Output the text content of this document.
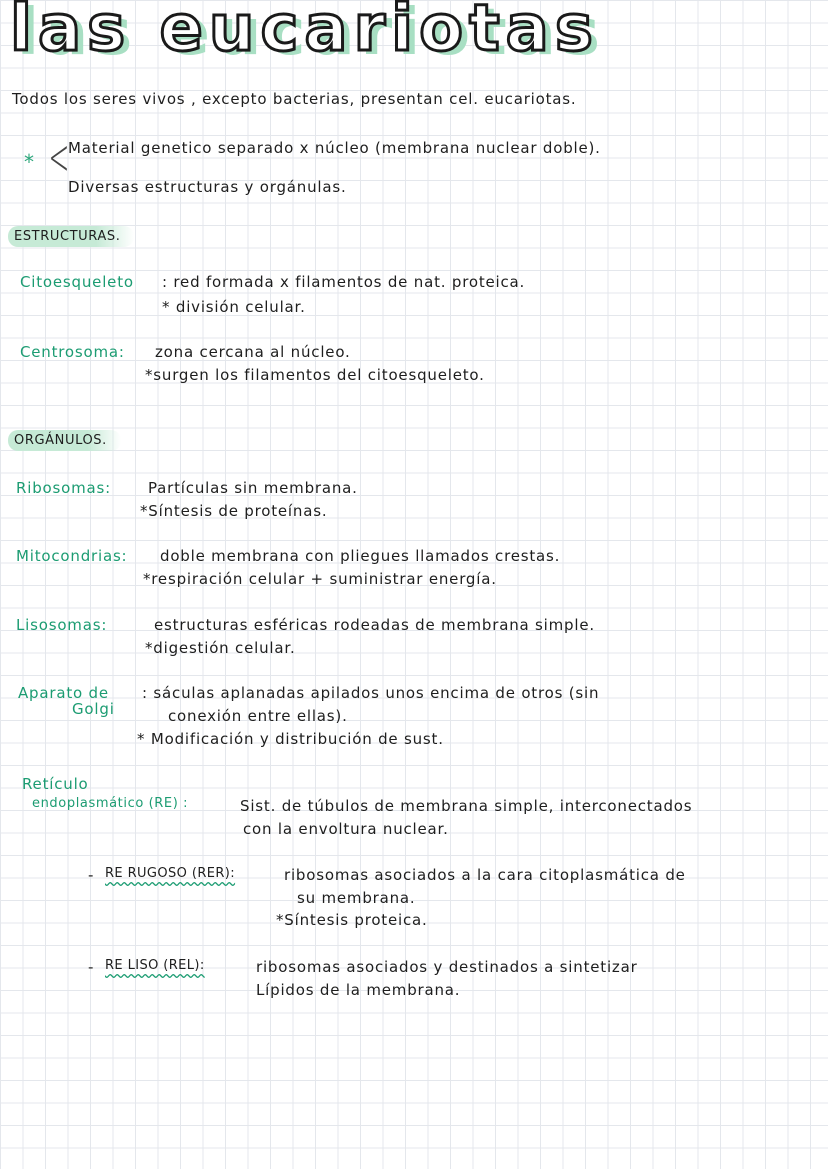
las eucariotas
Todos los seres vivos , excepto bacterias, presentan cel. eucariotas.
* <
Material genetico separado x núcleo (membrana nuclear doble).
Diversas estructuras y orgánulas.
ESTRUCTURAS.
Citoesqueleto : red formada x filamentos de nat. proteica.
* división celular.
Centrosoma: zona cercana al núcleo.
*surgen los filamentos del citoesqueleto.
ORGÁNULOS.
Ribosomas: Partículas sin membrana.
*Síntesis de proteínas.
Mitocondrias: doble membrana con pliegues llamados crestas.
*respiración celular + suministrar energía.
Lisosomas:	estructuras esféricas rodeadas de membrana simple.
*digestión celular.
Aparato de
Golgi
: sáculas aplanadas apilados unos encima de otros (sin
conexión entre ellas).
* Modificación y distribución de sust.
Retículo
endoplasmático (RE) :	Sist. de túbulos de membrana simple, interconectados
con la envoltura nuclear.
- RE RUGOSO (RER):	ribosomas asociados a la cara citoplasmática de
su membrana.
*Síntesis proteica.
- RE LISO (REL):	ribosomas asociados y destinados a sintetizar
Lípidos de la membrana.
